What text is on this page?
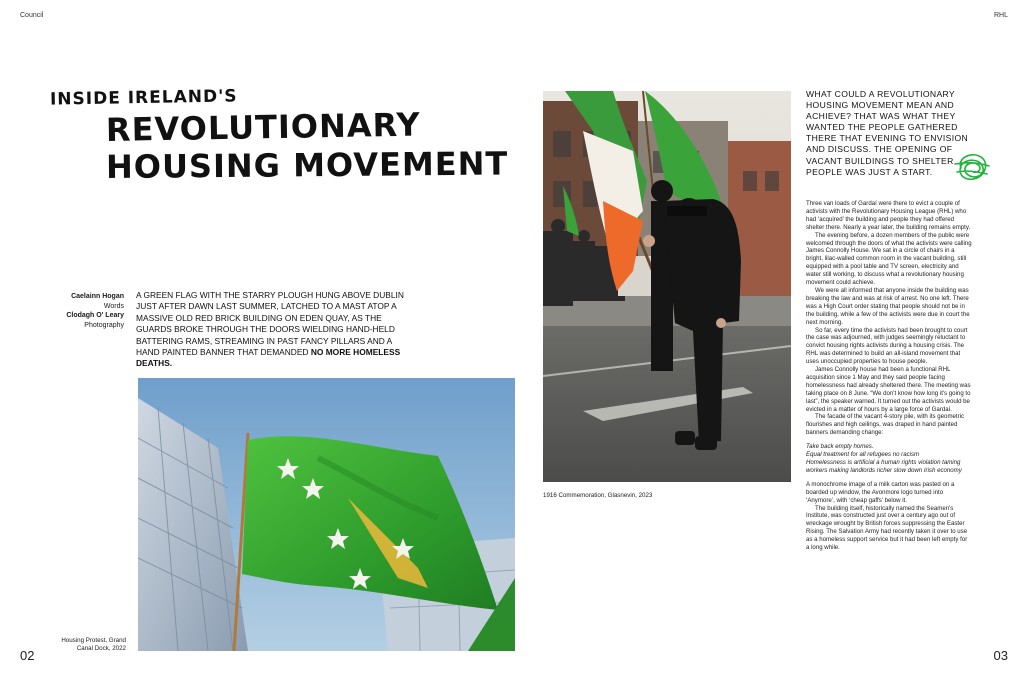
Council	RHL
INSIDE IRELAND'S
REVOLUTIONARY
HOUSING MOVEMENT
Caelainn Hogan
Words
Clodagh O' Leary
Photography
A GREEN FLAG WITH THE STARRY PLOUGH HUNG ABOVE DUBLIN JUST AFTER DAWN LAST SUMMER, LATCHED TO A MAST ATOP A MASSIVE OLD RED BRICK BUILDING ON EDEN QUAY, AS THE GUARDS BROKE THROUGH THE DOORS WIELDING HAND-HELD BATTERING RAMS, STREAMING IN PAST FANCY PILLARS AND A HAND PAINTED BANNER THAT DEMANDED NO MORE HOMELESS DEATHS.
Housing Protest, Grand Canal Dock, 2022
1916 Commemoration, Glasnevin, 2023
WHAT COULD A REVOLUTIONARY HOUSING MOVEMENT MEAN AND ACHIEVE? THAT WAS WHAT THEY WANTED THE PEOPLE GATHERED THERE THAT EVENING TO ENVISION AND DISCUSS. THE OPENING OF VACANT BUILDINGS TO SHELTER PEOPLE WAS JUST A START.

Three van loads of Gardaí were there to evict a couple of activists with the Revolutionary Housing League (RHL) who had ‘acquired’ the building and people they had offered shelter there. Nearly a year later, the building remains empty.

The evening before, a dozen members of the public were welcomed through the doors of what the activists were calling James Connolly House. We sat in a circle of chairs in a bright, lilac-walled common room in the vacant building, still equipped with a pool table and TV screen, electricity and water still working, to discuss what a revolutionary housing movement could achieve.

We were all informed that anyone inside the building was breaking the law and was at risk of arrest. No one left. There was a High Court order stating that people should not be in the building, while a few of the activists were due in court the next morning.

So far, every time the activists had been brought to court the case was adjourned, with judges seemingly reluctant to convict housing rights activists during a housing crisis. The RHL was determined to build an all-island movement that uses unoccupied properties to house people.

James Connolly house had been a functional RHL acquisition since 1 May and they said people facing homelessness had already sheltered there. The meeting was taking place on 8 June. “We don't know how long it's going to last”, the speaker warned. It turned out the activists would be evicted in a matter of hours by a large force of Gardaí.

The facade of the vacant 4-story pile, with its geometric flourishes and high ceilings, was draped in hand painted banners demanding change:

Take back empty homes.
Equal treatment for all refugees no racism
Homelessness is artificial a human rights violation taming workers making landlords richer slow down Irish economy

A monochrome image of a milk carton was pasted on a boarded up window, the Avonmore logo turned into ‘Anymore’, with ‘cheap gaffs’ below it.

The building itself, historically named the Seamen's Institute, was constructed just over a century ago out of wreckage wrought by British forces suppressing the Easter Rising. The Salvation Army had recently taken it over to use as a homeless support service but it had been left empty for a long while.

02	03
